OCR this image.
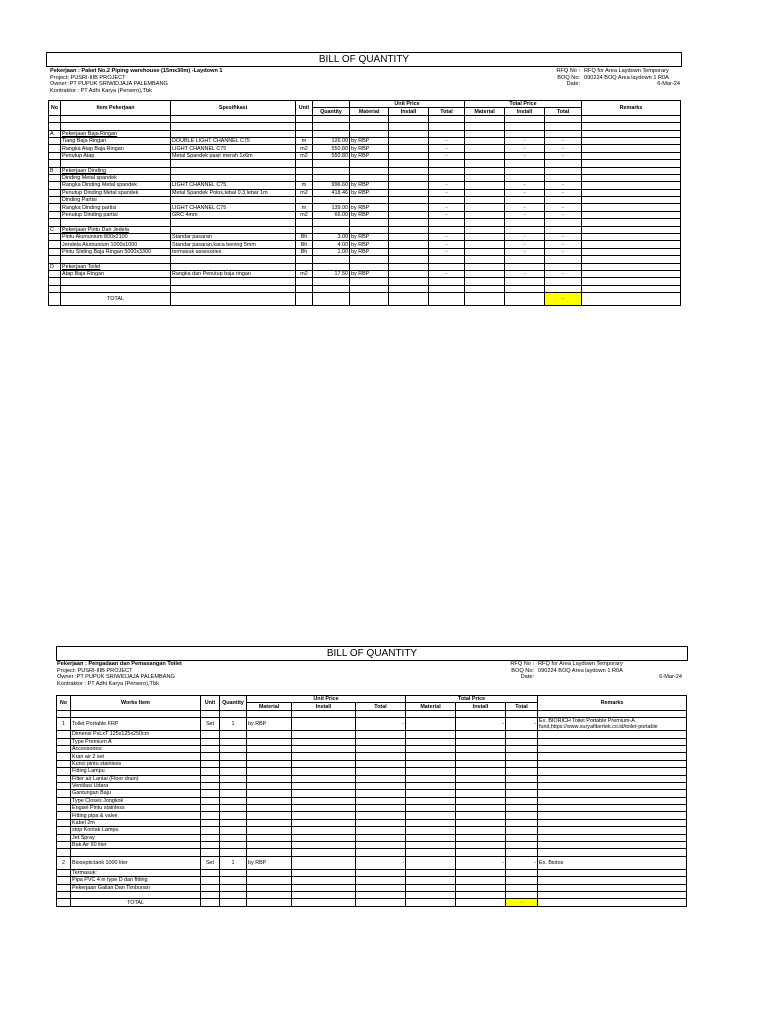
BILL OF QUANTITY
Pekerjaan : Paket No.2 Piping warehouse (15mx30m) -Laydown 1
Project: PUSRI-IIIB PROJECT
Owner :PT PUPUK SRIWIDJAJA PALEMBANG
Kontraktor : PT Adhi Karya (Persero),Tbk
RFQ No : RFQ for Area Laydown Temporary
BOQ No: 090224 BOQ Area laydown 1 R0A
Date:	6-Mar-24
No	Item Pekerjaan	Spesifikasi	Unit		Unit Price			Total Price			Remarks
				Quantity	Material	Install	Total	Material	Install	Total	

A	Pekerjaan Baja Ringan										
	Tiang Baja Ringan	DOUBLE LIGHT CHANNEL C75	m	126.00	by RBP		-		-	-	
	Rangka Atap Baja Ringan	LIGHT CHANNEL C75	m2	550.80	by RBP		-		-	-	
	Penutup Atap	Metal Spandek pasir merah 1x6m	m2	550.80	by RBP		-		-	-	

B	Pekerjaan Dinding										
	Dinding Metal spandek										
	Rangka Dinding Metal spandek	LIGHT CHANNEL C75	m	996.60	by RBP		-		-	-	
	Penutup Dinding Metal spandek	Metal Spandek Polos,tebal 0.3,lebar 1m	m2	418.46	by RBP		-		-	-	
	Dinding Partisi										
	Rangka Dinding partisi	LIGHT CHANNEL C75	m	139.00	by RBP		-		-	-	
	Penutup Dinding partisi	GRC 4mm	m2	66.00	by RBP		-		-	-	

C	Pekerjaan Pintu Dan Jedela										
	Pintu Alumunium 800x2100	Standar pasaran	Bh	3.00	by RBP		-		-	-	
	Jendela Alumunium 1000x1000	Standar pasaran,kaca bening 5mm	Bh	4.00	by RBP		-		-	-	
	Pintu Sliding Baja Ringan 5000x3300	termasuk assesories	Bh	1.00	by RBP		-		-	-	

D	Pekerjaan Toilet										
	Atap Baja Ringan	Rangka dan Penutup baja ringan	m2	17.50	by RBP		-		-	-	

	TOTAL									-	
BILL OF QUANTITY
Pekerjaan : Pengadaan dan Pemasangan Toilet
Project: PUSRI-IIIB PROJECT
Owner :PT PUPUK SRIWIDJAJA PALEMBANG
Kontraktor : PT Adhi Karya (Persero),Tbk
RFQ No : RFQ for Area Laydown Temporary
BOQ No: 090224 BOQ Area laydown 1 R0A
Date:	6-Mar-24
No	Works Item	Unit	Quantity	Unit Price			Total Price			Remarks
				Material	Install	Total	Material	Install	Total	

1	Toilet Portable FRP	Set	1	by RBP		-		-	-	Ex. BIORICH Toilet Portable Premium-A
funit,https://www.suryafibertek.co.id/toilet-portable

	Dimensi PxLxT 125x125x250cm									
	Type Premium A									
	Accessories:									
	Kran air 2 set									
	Kunci pintu stainless									
	Fitting Lampu									
	Filter air Lantai (Floor drain)									
	Ventilasi Udara									
	Gantungan Baju									
	Type Closes Jongkok									
	Engsel Pintu stainless									
	Fitting pipa & valve									
	Kabel 2m									
	stop Kontak Lampu									
	Jet Spray									
	Bak Air 60 liter									

2	Bioseptictank 1000 liter	Set	1	by RBP		-		-	-	Ex. Biotos

	Termasuk:									
	Pipa PVC 4 in type D dan fitting									
	Pekerjaan Galian Dan Timbunan									

	TOTAL								-	
